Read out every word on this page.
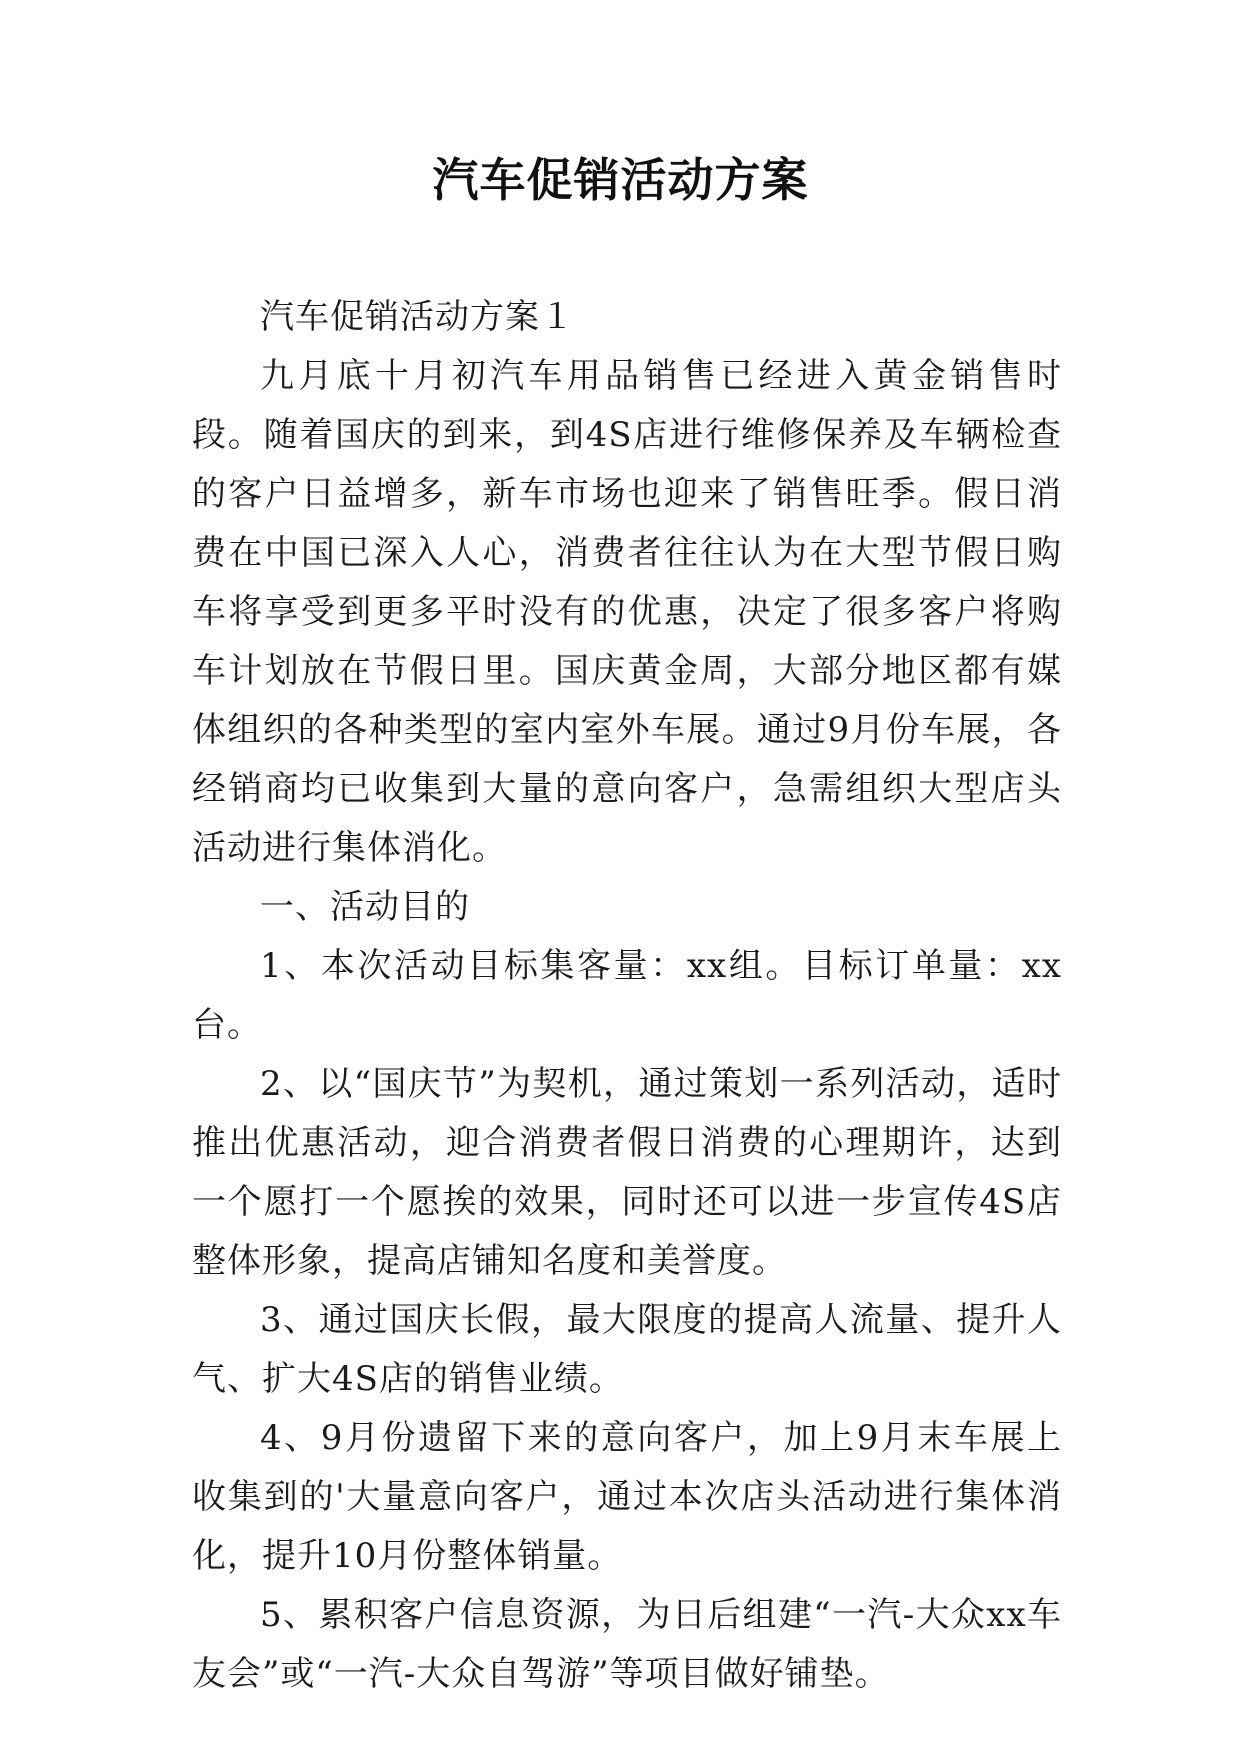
汽车促销活动方案

汽车促销活动方案１

九月底十月初汽车用品销售已经进入黄金销售时段。随着国庆的到来，到4S店进行维修保养及车辆检查的客户日益增多，新车市场也迎来了销售旺季。假日消费在中国已深入人心，消费者往往认为在大型节假日购车将享受到更多平时没有的优惠，决定了很多客户将购车计划放在节假日里。国庆黄金周，大部分地区都有媒体组织的各种类型的室内室外车展。通过9月份车展，各经销商均已收集到大量的意向客户，急需组织大型店头活动进行集体消化。

一、活动目的

1、本次活动目标集客量：xx组。目标订单量：xx台。

2、以“国庆节”为契机，通过策划一系列活动，适时推出优惠活动，迎合消费者假日消费的心理期许，达到一个愿打一个愿挨的效果，同时还可以进一步宣传4S店整体形象，提高店铺知名度和美誉度。

3、通过国庆长假，最大限度的提高人流量、提升人气、扩大4S店的销售业绩。

4、9月份遗留下来的意向客户，加上9月末车展上收集到的'大量意向客户，通过本次店头活动进行集体消化，提升10月份整体销量。

5、累积客户信息资源，为日后组建“一汽-大众xx车友会”或“一汽-大众自驾游”等项目做好铺垫。
